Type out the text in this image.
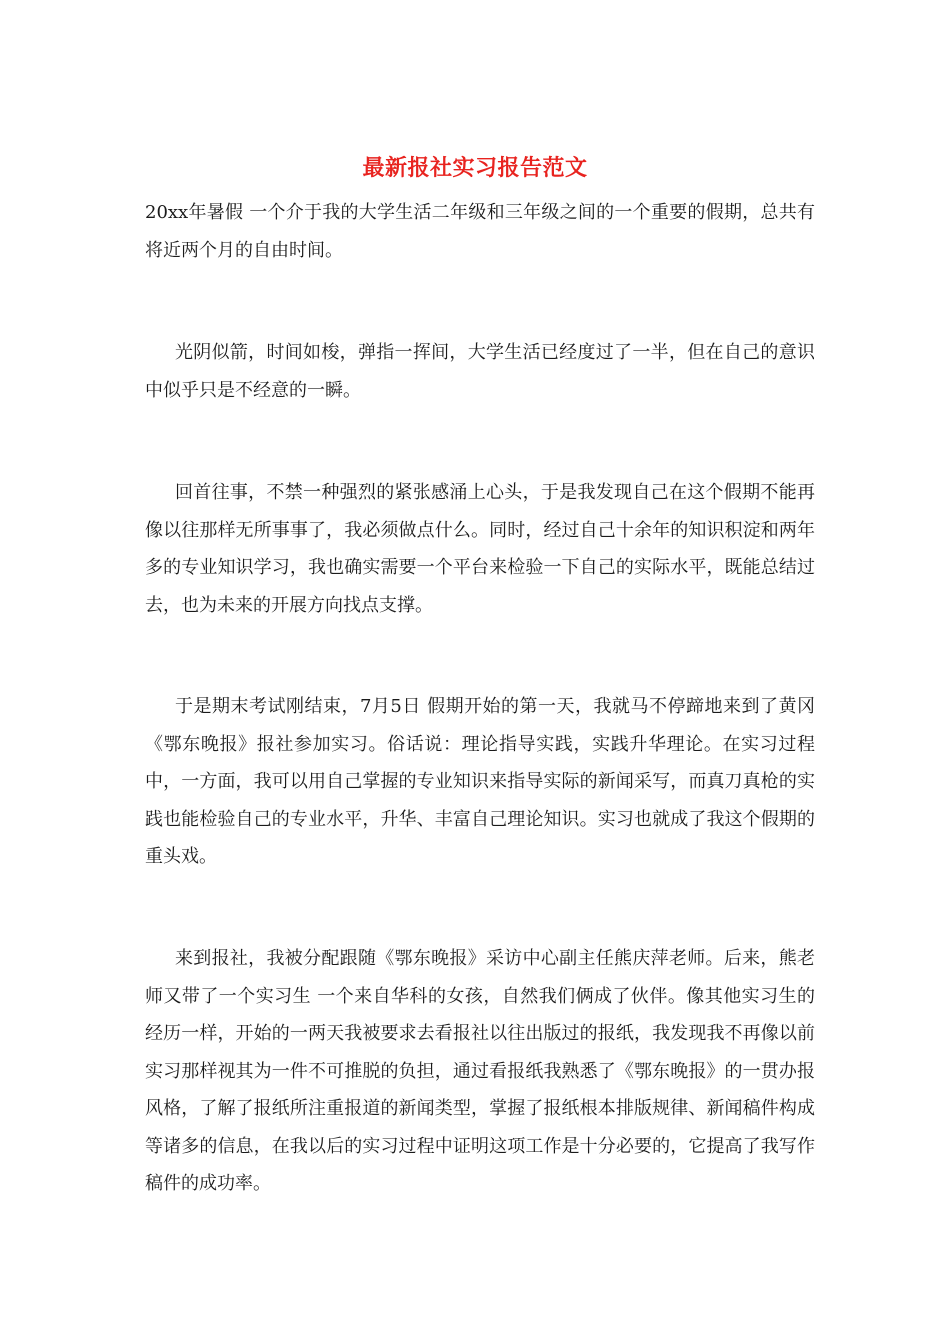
最新报社实习报告范文

20xx年暑假 一个介于我的大学生活二年级和三年级之间的一个重要的假期，总共有将近两个月的自由时间。

光阴似箭，时间如梭，弹指一挥间，大学生活已经度过了一半，但在自己的意识中似乎只是不经意的一瞬。

回首往事，不禁一种强烈的紧张感涌上心头，于是我发现自己在这个假期不能再像以往那样无所事事了，我必须做点什么。同时，经过自己十余年的知识积淀和两年多的专业知识学习，我也确实需要一个平台来检验一下自己的实际水平，既能总结过去，也为未来的开展方向找点支撑。

于是期末考试刚结束，7月5日 假期开始的第一天，我就马不停蹄地来到了黄冈《鄂东晚报》报社参加实习。俗话说：理论指导实践，实践升华理论。在实习过程中，一方面，我可以用自己掌握的专业知识来指导实际的新闻采写，而真刀真枪的实践也能检验自己的专业水平，升华、丰富自己理论知识。实习也就成了我这个假期的重头戏。

来到报社，我被分配跟随《鄂东晚报》采访中心副主任熊庆萍老师。后来，熊老师又带了一个实习生 一个来自华科的女孩，自然我们俩成了伙伴。像其他实习生的经历一样，开始的一两天我被要求去看报社以往出版过的报纸，我发现我不再像以前实习那样视其为一件不可推脱的负担，通过看报纸我熟悉了《鄂东晚报》的一贯办报风格，了解了报纸所注重报道的新闻类型，掌握了报纸根本排版规律、新闻稿件构成等诸多的信息，在我以后的实习过程中证明这项工作是十分必要的，它提高了我写作稿件的成功率。
